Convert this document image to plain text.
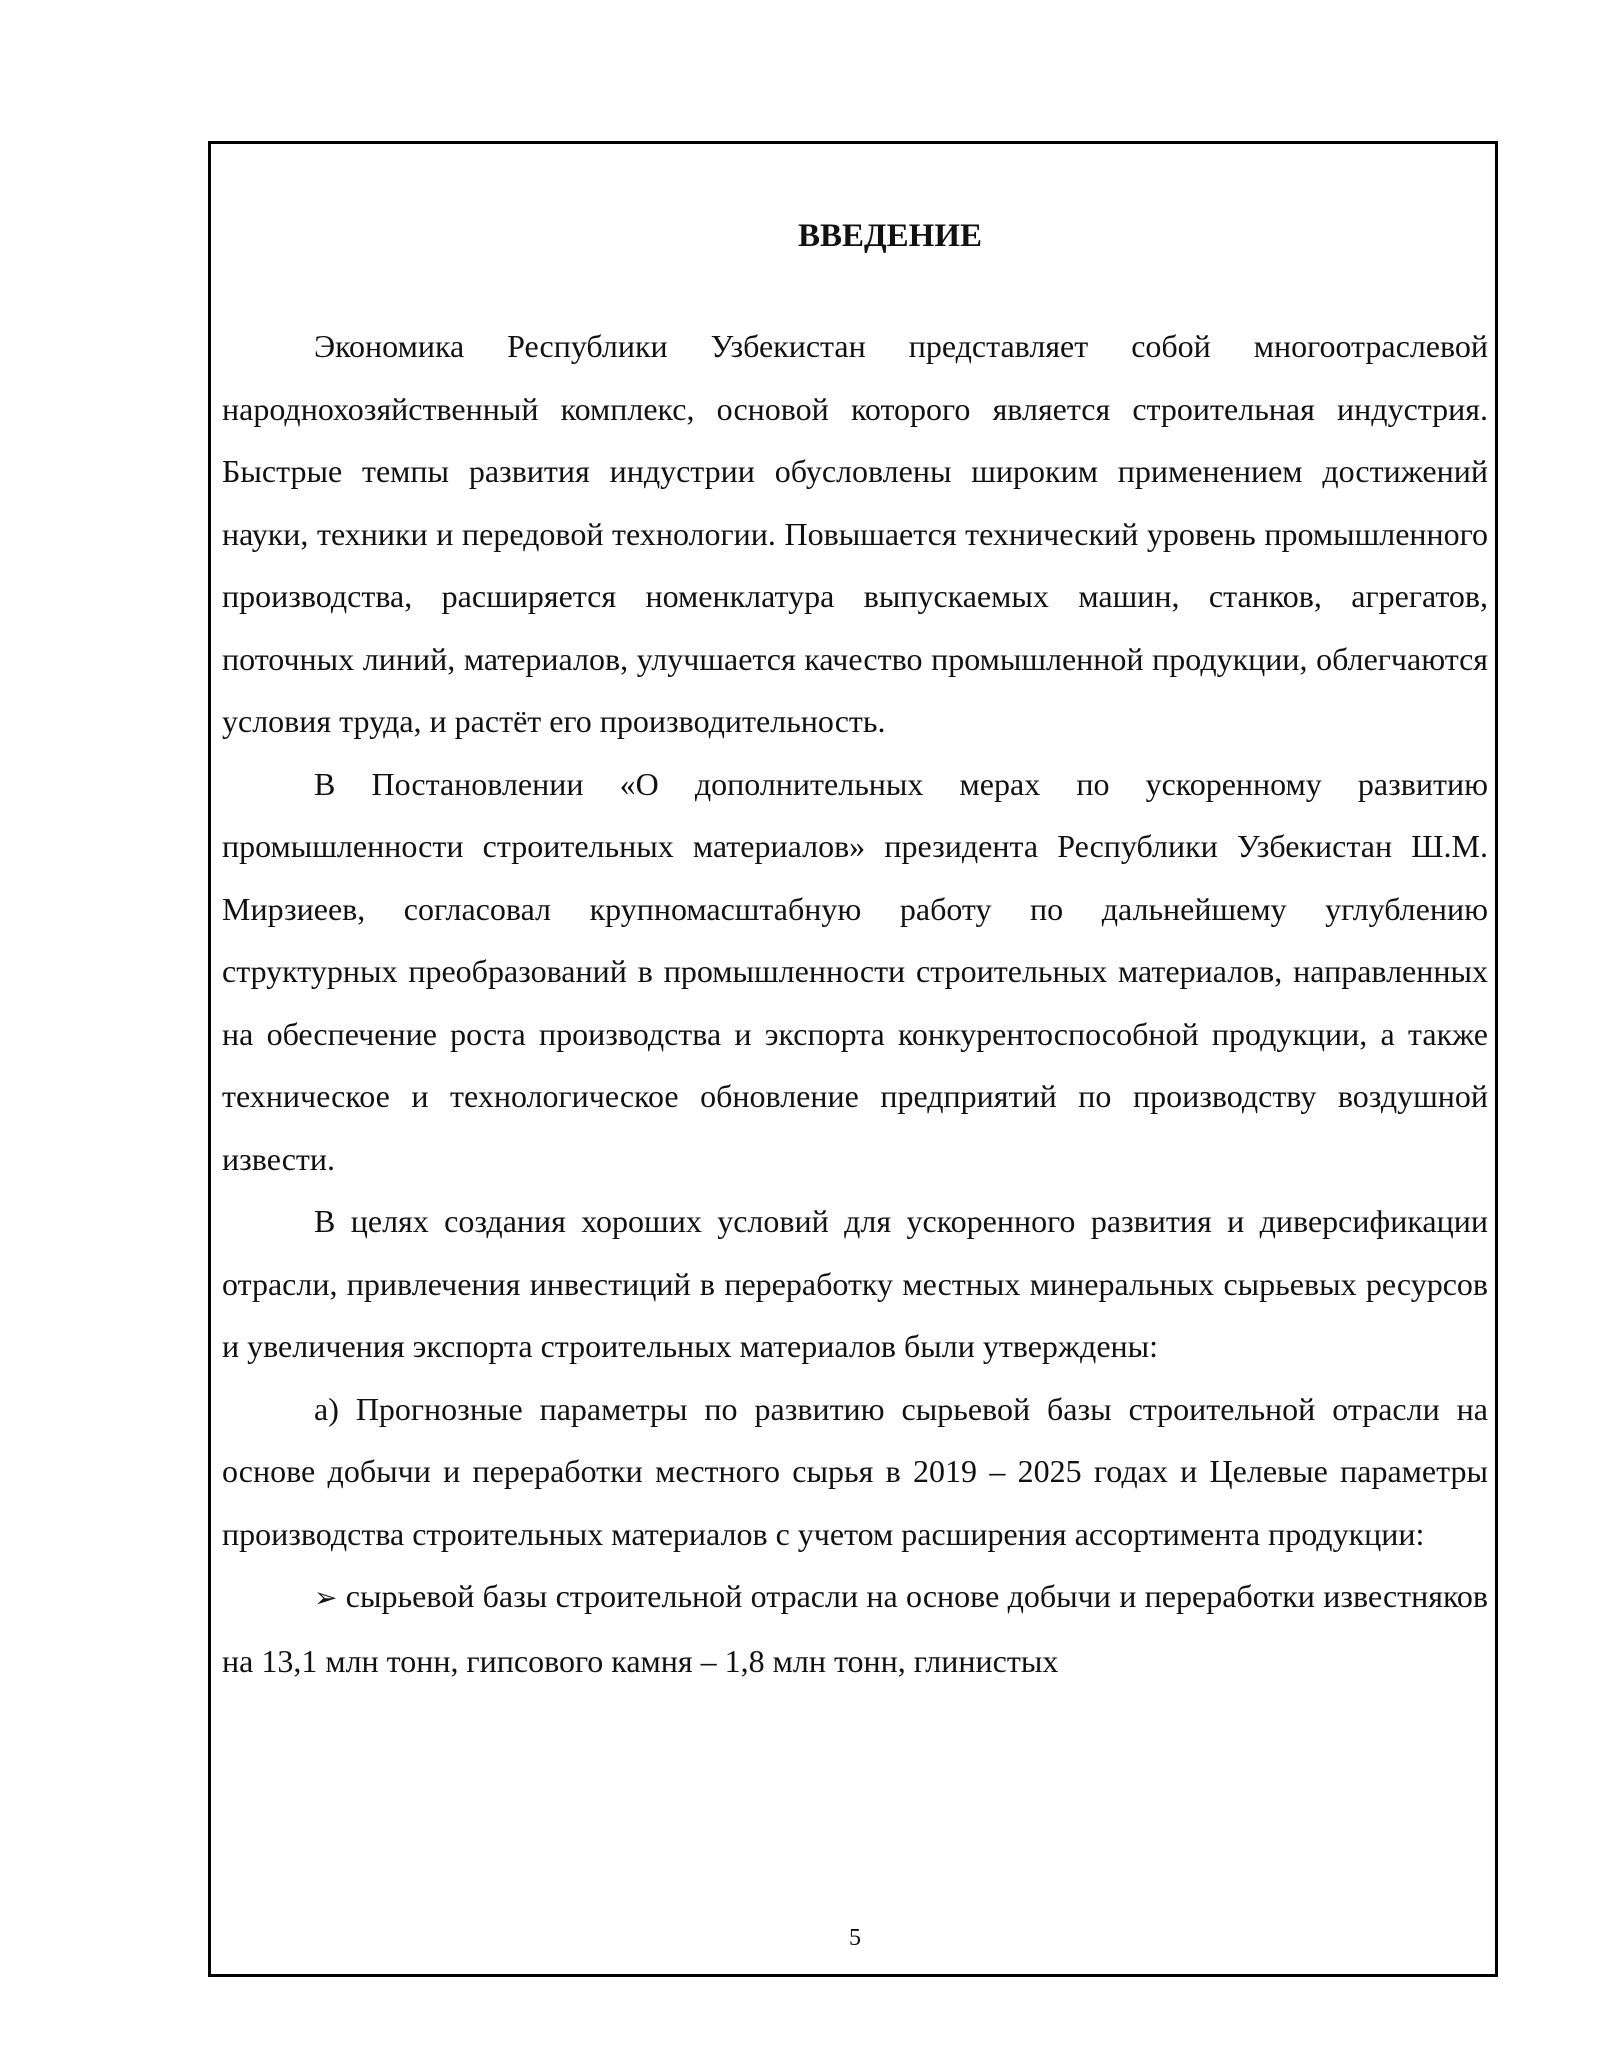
ВВЕДЕНИЕ

Экономика Республики Узбекистан представляет собой многоотраслевой народнохозяйственный комплекс, основой которого является строительная индустрия. Быстрые темпы развития индустрии обусловлены широким применением достижений науки, техники и передовой технологии. Повышается технический уровень промышленного производства, расширяется номенклатура выпускаемых машин, станков, агрегатов, поточных линий, материалов, улучшается качество промышленной продукции, облегчаются условия труда, и растёт его производительность.

В Постановлении «О дополнительных мерах по ускоренному развитию промышленности строительных материалов» президента Республики Узбекистан Ш.М. Мирзиеев, согласовал крупномасштабную работу по дальнейшему углублению структурных преобразований в промышленности строительных материалов, направленных на обеспечение роста производства и экспорта конкурентоспособной продукции, а также техническое и технологическое обновление предприятий по производству воздушной извести.

В целях создания хороших условий для ускоренного развития и диверсификации отрасли, привлечения инвестиций в переработку местных минеральных сырьевых ресурсов и увеличения экспорта строительных материалов были утверждены:

а) Прогнозные параметры по развитию сырьевой базы строительной отрасли на основе добычи и переработки местного сырья в 2019 – 2025 годах и Целевые параметры производства строительных материалов с учетом расширения ассортимента продукции:

➢ сырьевой базы строительной отрасли на основе добычи и переработки известняков на 13,1 млн тонн, гипсового камня – 1,8 млн тонн, глинистых

5
